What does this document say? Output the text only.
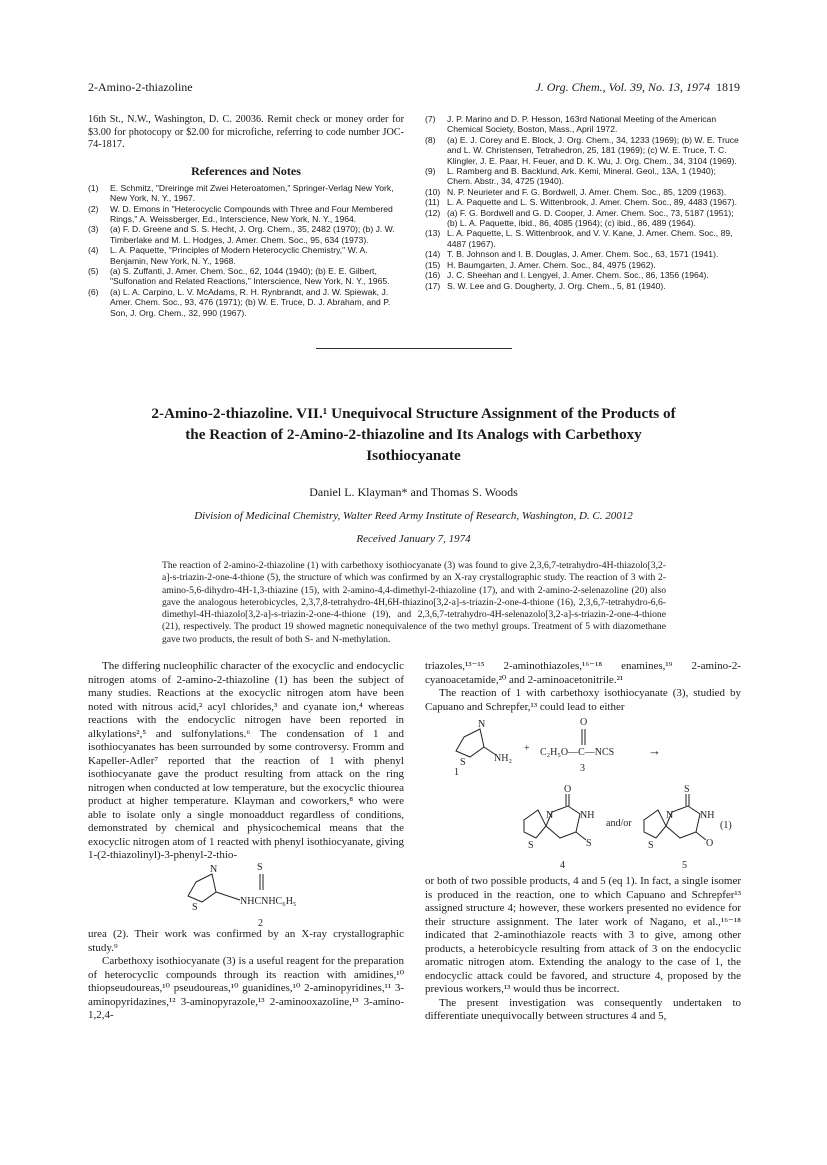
2-Amino-2-thiazoline	J. Org. Chem., Vol. 39, No. 13, 1974 1819
16th St., N.W., Washington, D. C. 20036. Remit check or money order for $3.00 for photocopy or $2.00 for microfiche, referring to code number JOC-74-1817.
References and Notes

(1) E. Schmitz, "Dreiringe mit Zwei Heteroatomen," Springer-Verlag New York, New York, N. Y., 1967.

(2) W. D. Emons in "Heterocyclic Compounds with Three and Four Membered Rings," A. Weissberger, Ed., Interscience, New York, N. Y., 1964.

(3) (a) F. D. Greene and S. S. Hecht, J. Org. Chem., 35, 2482 (1970); (b) J. W. Timberlake and M. L. Hodges, J. Amer. Chem. Soc., 95, 634 (1973).

(4) L. A. Paquette, "Principles of Modern Heterocyclic Chemistry," W. A. Benjamin, New York, N. Y., 1968.

(5) (a) S. Zuffanti, J. Amer. Chem. Soc., 62, 1044 (1940); (b) E. E. Gilbert, "Sulfonation and Related Reactions," Interscience, New York, N. Y., 1965.

(6) (a) L. A. Carpino, L. V. McAdams, R. H. Rynbrandt, and J. W. Spiewak, J. Amer. Chem. Soc., 93, 476 (1971); (b) W. E. Truce, D. J. Abraham, and P. Son, J. Org. Chem., 32, 990 (1967).

(7) J. P. Marino and D. P. Hesson, 163rd National Meeting of the American Chemical Society, Boston, Mass., April 1972.

(8) (a) E. J. Corey and E. Block, J. Org. Chem., 34, 1233 (1969); (b) W. E. Truce and L. W. Christensen, Tetrahedron, 25, 181 (1969); (c) W. E. Truce, T. C. Klingler, J. E. Paar, H. Feuer, and D. K. Wu, J. Org. Chem., 34, 3104 (1969).

(9) L. Ramberg and B. Backlund, Ark. Kemi, Mineral. Geol., 13A, 1 (1940); Chem. Abstr., 34, 4725 (1940).

(10) N. P. Neurieter and F. G. Bordwell, J. Amer. Chem. Soc., 85, 1209 (1963).

(11) L. A. Paquette and L. S. Wittenbrook, J. Amer. Chem. Soc., 89, 4483 (1967).

(12) (a) F. G. Bordwell and G. D. Cooper, J. Amer. Chem. Soc., 73, 5187 (1951); (b) L. A. Paquette, ibid., 86, 4085 (1964); (c) ibid., 86, 489 (1964).

(13) L. A. Paquette, L. S. Wittenbrook, and V. V. Kane, J. Amer. Chem. Soc., 89, 4487 (1967).

(14) T. B. Johnson and I. B. Douglas, J. Amer. Chem. Soc., 63, 1571 (1941).

(15) H. Baumgarten, J. Amer. Chem. Soc., 84, 4975 (1962).

(16) J. C. Sheehan and I. Lengyel, J. Amer. Chem. Soc., 86, 1356 (1964).

(17) S. W. Lee and G. Dougherty, J. Org. Chem., 5, 81 (1940).

2-Amino-2-thiazoline. VII.¹ Unequivocal Structure Assignment of the Products of the Reaction of 2-Amino-2-thiazoline and Its Analogs with Carbethoxy Isothiocyanate
Daniel L. Klayman* and Thomas S. Woods
Division of Medicinal Chemistry, Walter Reed Army Institute of Research, Washington, D. C. 20012
Received January 7, 1974
The reaction of 2-amino-2-thiazoline (1) with carbethoxy isothiocyanate (3) was found to give 2,3,6,7-tetrahydro-4H-thiazolo[3,2-a]-s-triazin-2-one-4-thione (5), the structure of which was confirmed by an X-ray crystallographic study. The reaction of 3 with 2-amino-5,6-dihydro-4H-1,3-thiazine (15), with 2-amino-4,4-dimethyl-2-thiazoline (17), and with 2-amino-2-selenazoline (20) also gave the analogous heterobicycles, 2,3,7,8-tetrahydro-4H,6H-thiazino[3,2-a]-s-triazin-2-one-4-thione (16), 2,3,6,7-tetrahydro-6,6-dimethyl-4H-thiazolo[3,2-a]-s-triazin-2-one-4-thione (19), and 2,3,6,7-tetrahydro-4H-selenazolo[3,2-a]-s-triazin-2-one-4-thione (21), respectively. The product 19 showed magnetic nonequivalence of the two methyl groups. Treatment of 5 with diazomethane gave two products, the result of both S- and N-methylation.

The differing nucleophilic character of the exocyclic and endocyclic nitrogen atoms of 2-amino-2-thiazoline (1) has been the subject of many studies. Reactions at the exocyclic nitrogen atom have been noted with nitrous acid,² acyl chlorides,³ and cyanate ion,⁴ whereas reactions with the endocyclic nitrogen have been reported in alkylations²,⁵ and sulfonylations.⁶ The condensation of 1 and isothiocyanates has been surrounded by some controversy. Fromm and Kapeller-Adler⁷ reported that the reaction of 1 with phenyl isothiocyanate gave the product resulting from attack on the ring nitrogen when conducted at low temperature, but the exocyclic thiourea product at higher temperature. Klayman and coworkers,⁸ who were able to isolate only a single monoadduct regardless of conditions, demonstrated by chemical and physicochemical means that the exocyclic nitrogen atom of 1 reacted with phenyl isothiocyanate, giving 1-(2-thiazolinyl)-3-phenyl-2-thio-

N
S
S
NHCNHC₆H₅
2

urea (2). Their work was confirmed by an X-ray crystallographic study.⁹

Carbethoxy isothiocyanate (3) is a useful reagent for the preparation of heterocyclic compounds through its reaction with amidines,¹⁰ thiopseudoureas,¹⁰ pseudoureas,¹⁰ guanidines,¹⁰ 2-aminopyridines,¹¹ 3-aminopyridazines,¹² 3-aminopyrazole,¹³ 2-aminooxazoline,¹³ 3-amino-1,2,4-

triazoles,¹³⁻¹⁵ 2-aminothiazoles,¹⁶⁻¹⁸ enamines,¹⁹ 2-amino-2-cyanoacetamide,²⁰ and 2-aminoacetonitrile.²¹

The reaction of 1 with carbethoxy isothiocyanate (3), studied by Capuano and Schrepfer,¹³ could lead to either

N
S	NH₂
1
+
O
C₂H₅O—C—NCS
3
→
O
N	NH
S	S
4
and/or
S
N	NH
S	O
5
(1)

or both of two possible products, 4 and 5 (eq 1). In fact, a single isomer is produced in the reaction, one to which Capuano and Schrepfer¹³ assigned structure 4; however, these workers presented no evidence for their structure assignment. The later work of Nagano, et al.,¹⁶⁻¹⁸ indicated that 2-aminothiazole reacts with 3 to give, among other products, a heterobicycle resulting from attack of 3 on the endocyclic aromatic nitrogen atom. Extending the analogy to the case of 1, the endocyclic attack could be favored, and structure 4, proposed by the previous workers,¹³ would thus be incorrect.

The present investigation was consequently undertaken to differentiate unequivocally between structures 4 and 5,
